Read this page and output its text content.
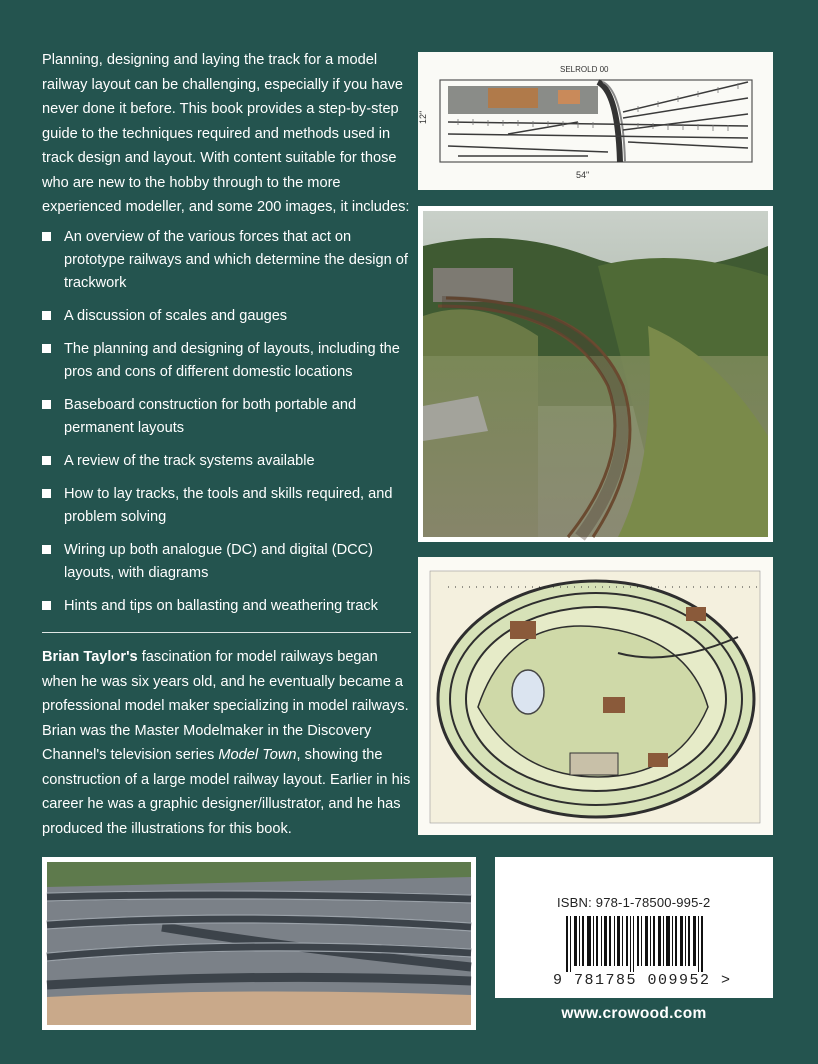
Planning, designing and laying the track for a model railway layout can be challenging, especially if you have never done it before. This book provides a step-by-step guide to the techniques required and methods used in track design and layout. With content suitable for those who are new to the hobby through to the more experienced modeller, and some 200 images, it includes:
An overview of the various forces that act on prototype railways and which determine the design of trackwork
A discussion of scales and gauges
The planning and designing of layouts, including the pros and cons of different domestic locations
Baseboard construction for both portable and permanent layouts
A review of the track systems available
How to lay tracks, the tools and skills required, and problem solving
Wiring up both analogue (DC) and digital (DCC) layouts, with diagrams
Hints and tips on ballasting and weathering track
Brian Taylor's fascination for model railways began when he was six years old, and he eventually became a professional model maker specializing in model railways. Brian was the Master Modelmaker in the Discovery Channel's television series Model Town, showing the construction of a large model railway layout. Earlier in his career he was a graphic designer/illustrator, and he has produced the illustrations for this book.
SELROLD 00
12"
54"
ISBN: 978-1-78500-995-2
9 781785 009952 >
www.crowood.com
